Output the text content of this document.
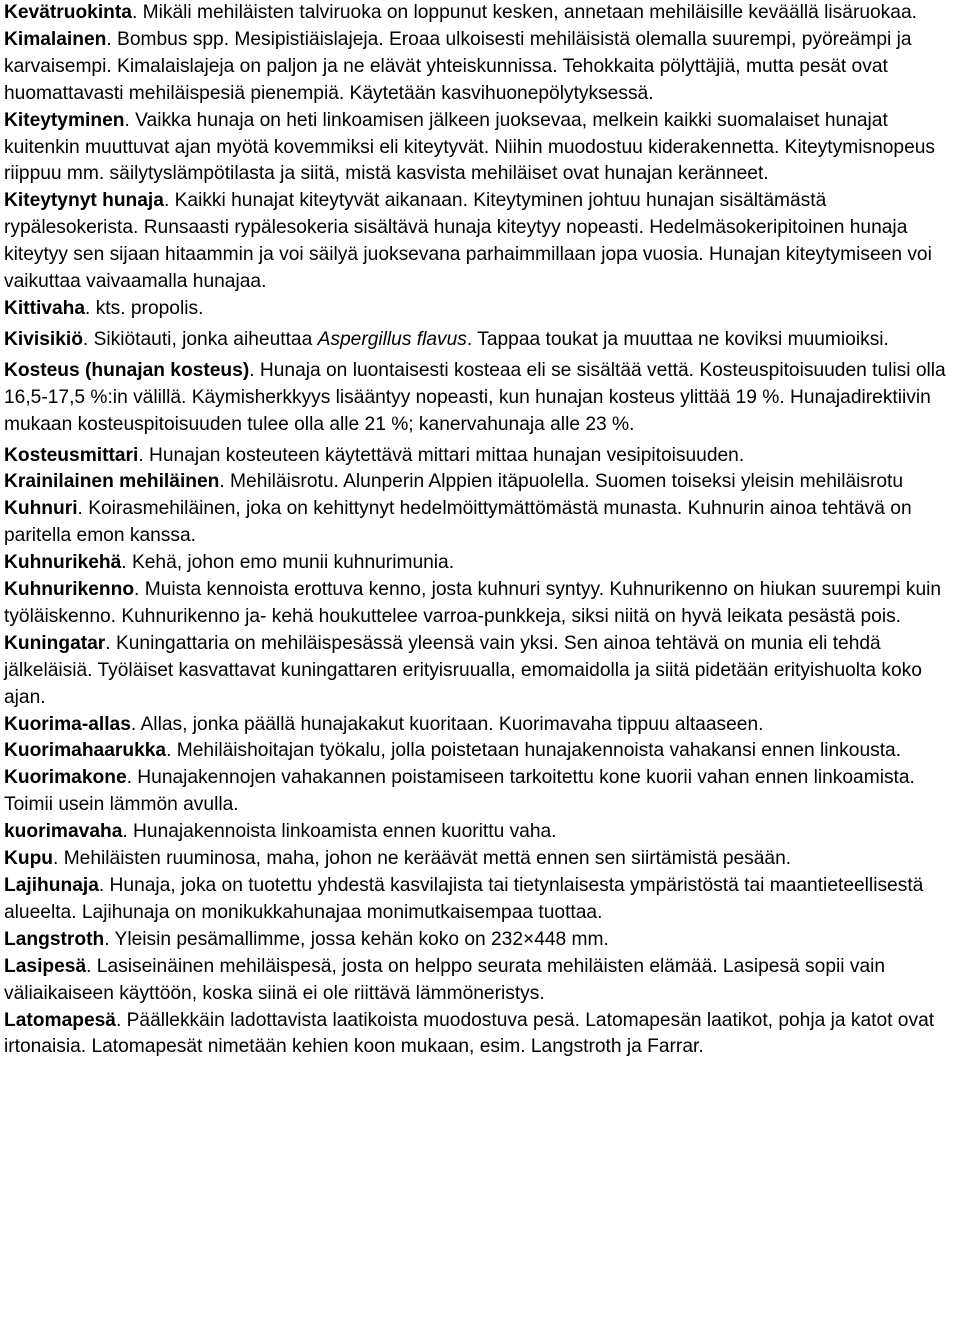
Kevätruokinta. Mikäli mehiläisten talviruoka on loppunut kesken, annetaan mehiläisille keväällä lisäruokaa.

Kimalainen. Bombus spp. Mesipistiäislajeja. Eroaa ulkoisesti mehiläisistä olemalla suurempi, pyöreämpi ja karvaisempi. Kimalaislajeja on paljon ja ne elävät yhteiskunnissa. Tehokkaita pölyttäjiä, mutta pesät ovat huomattavasti mehiläispesiä pienempiä. Käytetään kasvihuonepölytyksessä.

Kiteytyminen. Vaikka hunaja on heti linkoamisen jälkeen juoksevaa, melkein kaikki suomalaiset hunajat kuitenkin muuttuvat ajan myötä kovemmiksi eli kiteytyvät. Niihin muodostuu kiderakennetta. Kiteytymisnopeus riippuu mm. säilytyslämpötilasta ja siitä, mistä kasvista mehiläiset ovat hunajan keränneet.

Kiteytynyt hunaja. Kaikki hunajat kiteytyvät aikanaan. Kiteytyminen johtuu hunajan sisältämästä rypälesokerista. Runsaasti rypälesokeria sisältävä hunaja kiteytyy nopeasti. Hedelmäsokeripitoinen hunaja kiteytyy sen sijaan hitaammin ja voi säilyä juoksevana parhaimmillaan jopa vuosia. Hunajan kiteytymiseen voi vaikuttaa vaivaamalla hunajaa.

Kittivaha. kts. propolis.

Kivisikiö. Sikiötauti, jonka aiheuttaa Aspergillus flavus. Tappaa toukat ja muuttaa ne koviksi muumioiksi.

Kosteus (hunajan kosteus). Hunaja on luontaisesti kosteaa eli se sisältää vettä. Kosteuspitoisuuden tulisi olla 16,5-17,5 %:in välillä. Käymisherkkyys lisääntyy nopeasti, kun hunajan kosteus ylittää 19 %. Hunajadirektiivin mukaan kosteuspitoisuuden tulee olla alle 21 %; kanervahunaja alle 23 %.

Kosteusmittari. Hunajan kosteuteen käytettävä mittari mittaa hunajan vesipitoisuuden.

Krainilainen mehiläinen. Mehiläisrotu. Alunperin Alppien itäpuolella. Suomen toiseksi yleisin mehiläisrotu

Kuhnuri. Koirasmehiläinen, joka on kehittynyt hedelmöittymättömästä munasta. Kuhnurin ainoa tehtävä on paritella emon kanssa.

Kuhnurikehä. Kehä, johon emo munii kuhnurimunia.

Kuhnurikenno. Muista kennoista erottuva kenno, josta kuhnuri syntyy. Kuhnurikenno on hiukan suurempi kuin työläiskenno. Kuhnurikenno ja- kehä houkuttelee varroa-punkkeja, siksi niitä on hyvä leikata pesästä pois.

Kuningatar. Kuningattaria on mehiläispesässä yleensä vain yksi. Sen ainoa tehtävä on munia eli tehdä jälkeläisiä. Työläiset kasvattavat kuningattaren erityisruualla, emomaidolla ja siitä pidetään erityishuolta koko ajan.

Kuorima-allas. Allas, jonka päällä hunajakakut kuoritaan. Kuorimavaha tippuu altaaseen.

Kuorimahaarukka. Mehiläishoitajan työkalu, jolla poistetaan hunajakennoista vahakansi ennen linkousta.

Kuorimakone. Hunajakennojen vahakannen poistamiseen tarkoitettu kone kuorii vahan ennen linkoamista. Toimii usein lämmön avulla.

kuorimavaha. Hunajakennoista linkoamista ennen kuorittu vaha.

Kupu. Mehiläisten ruuminosa, maha, johon ne keräävät mettä ennen sen siirtämistä pesään.

Lajihunaja. Hunaja, joka on tuotettu yhdestä kasvilajista tai tietynlaisesta ympäristöstä tai maantieteellisestä alueelta. Lajihunaja on monikukkahunajaa monimutkaisempaa tuottaa.

Langstroth. Yleisin pesämallimme, jossa kehän koko on 232×448 mm.

Lasipesä. Lasiseinäinen mehiläispesä, josta on helppo seurata mehiläisten elämää. Lasipesä sopii vain väliaikaiseen käyttöön, koska siinä ei ole riittävä lämmöneristys.

Latomapesä. Päällekkäin ladottavista laatikoista muodostuva pesä. Latomapesän laatikot, pohja ja katot ovat irtonaisia. Latomapesät nimetään kehien koon mukaan, esim. Langstroth ja Farrar.
